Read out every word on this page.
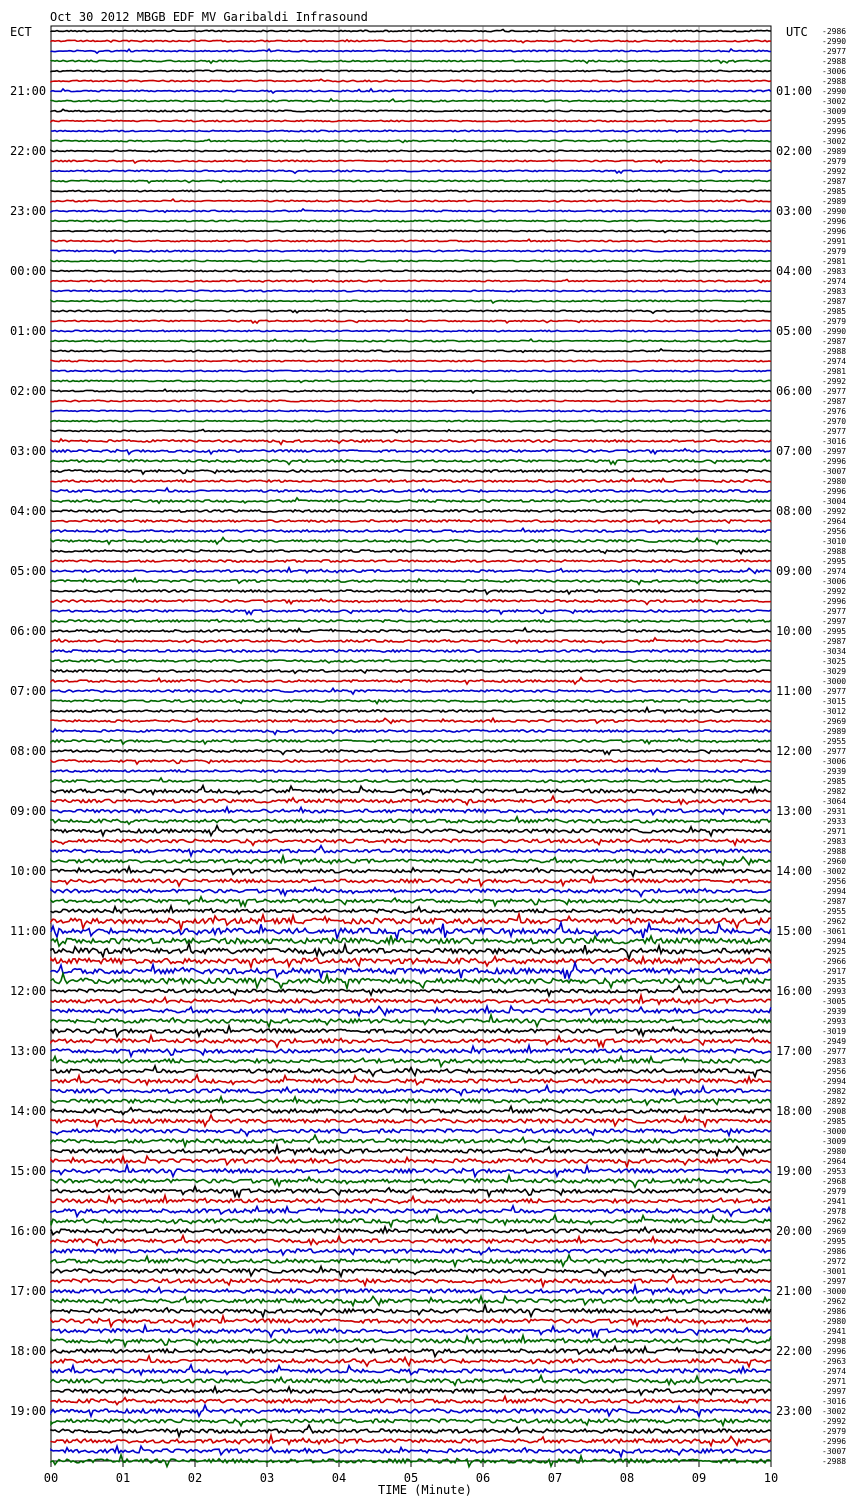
Oct 30 2012 MBGB EDF MV Garibaldi Infrasound
ECT	UTC
00	01	02	03	04	05	06	07	08	09	10
-2986
-2990
-2977
-2988
-3006
-2988
-2990
-3002
-3009
-2995
-2996
-3002
-2989
-2979
-2992
-2987
-2985
-2989
-2990
-2996
-2996
-2991
-2979
-2981
-2983
-2974
-2983
-2987
-2985
-2979
-2990
-2987
-2988
-2974
-2981
-2992
-2977
-2987
-2976
-2970
-2977
-3016
-2997
-2996
-3007
-2980
-2996
-3004
-2992
-2964
-2956
-3010
-2988
-2995
-2974
-3006
-2992
-2996
-2977
-2997
-2995
-2987
-3034
-3025
-3029
-3000
-2977
-3015
-3012
-2969
-2989
-2955
-2977
-3006
-2939
-2985
-2982
-3064
-2931
-2933
-2971
-2983
-2988
-2960
-3002
-2956
-2994
-2987
-2955
-2962
-3061
-2994
-2925
-2966
-2917
-2935
-2993
-3005
-2939
-2993
-3019
-2949
-2977
-2983
-2956
-2994
-2982
-2892
-2908
-2985
-3000
-3009
-2980
-2964
-2953
-2968
-2979
-2941
-2978
-2962
-2969
-2995
-2986
-2972
-3001
-2997
-3000
-2962
-2986
-2980
-2941
-2998
-2996
-2963
-2974
-2971
-2997
-3016
-3002
-2992
-2979
-2996
-3007
-2988
21:00	01:00
22:00	02:00
23:00	03:00
00:00	04:00
01:00	05:00
02:00	06:00
03:00	07:00
04:00	08:00
05:00	09:00
06:00	10:00
07:00	11:00
08:00	12:00
09:00	13:00
10:00	14:00
11:00	15:00
12:00	16:00
13:00	17:00
14:00	18:00
15:00	19:00
16:00	20:00
17:00	21:00
18:00	22:00
19:00	23:00
TIME (Minute)
